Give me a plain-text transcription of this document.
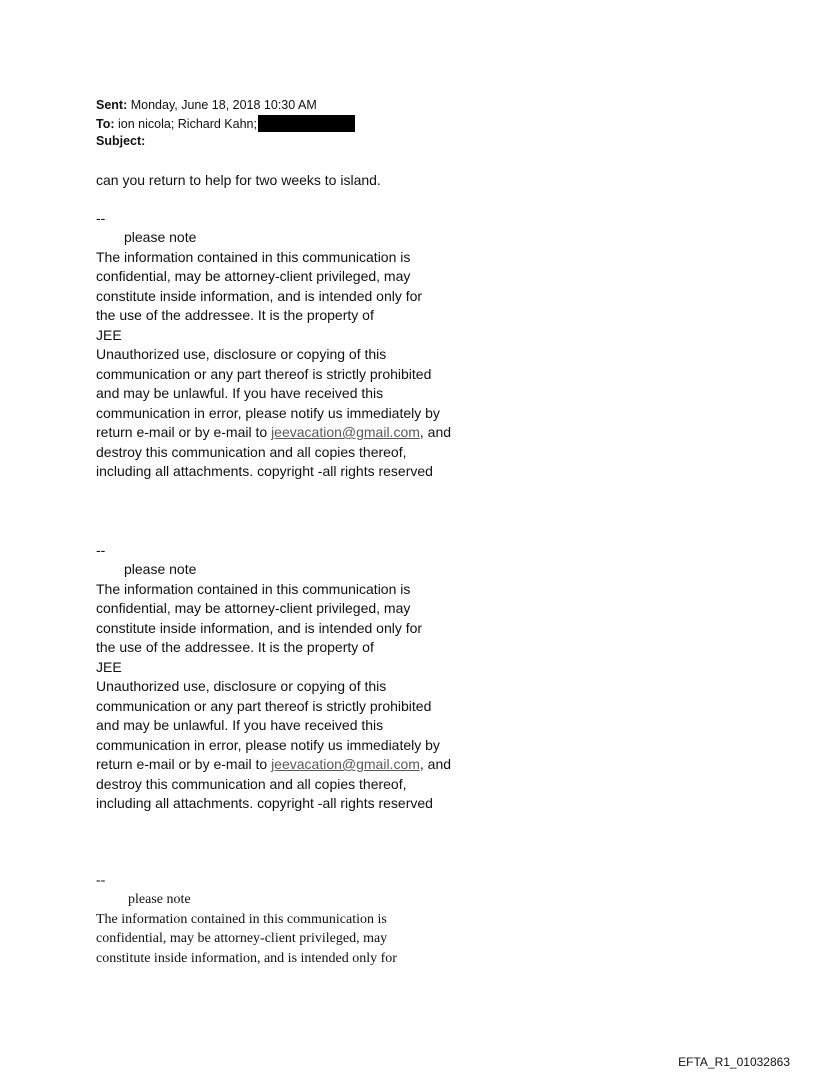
Sent: Monday, June 18, 2018 10:30 AM
To: ion nicola; Richard Kahn;
Subject:
can you return to help for two weeks to island.
--
please note
The information contained in this communication is
confidential, may be attorney-client privileged, may
constitute inside information, and is intended only for
the use of the addressee. It is the property of
JEE
Unauthorized use, disclosure or copying of this
communication or any part thereof is strictly prohibited
and may be unlawful. If you have received this
communication in error, please notify us immediately by
return e-mail or by e-mail to jeevacation@gmail.com, and
destroy this communication and all copies thereof,
including all attachments. copyright -all rights reserved
--
please note
The information contained in this communication is
confidential, may be attorney-client privileged, may
constitute inside information, and is intended only for
the use of the addressee. It is the property of
JEE
Unauthorized use, disclosure or copying of this
communication or any part thereof is strictly prohibited
and may be unlawful. If you have received this
communication in error, please notify us immediately by
return e-mail or by e-mail to jeevacation@gmail.com, and
destroy this communication and all copies thereof,
including all attachments. copyright -all rights reserved
--
please note
The information contained in this communication is
confidential, may be attorney-client privileged, may
constitute inside information, and is intended only for
EFTA_R1_01032863
